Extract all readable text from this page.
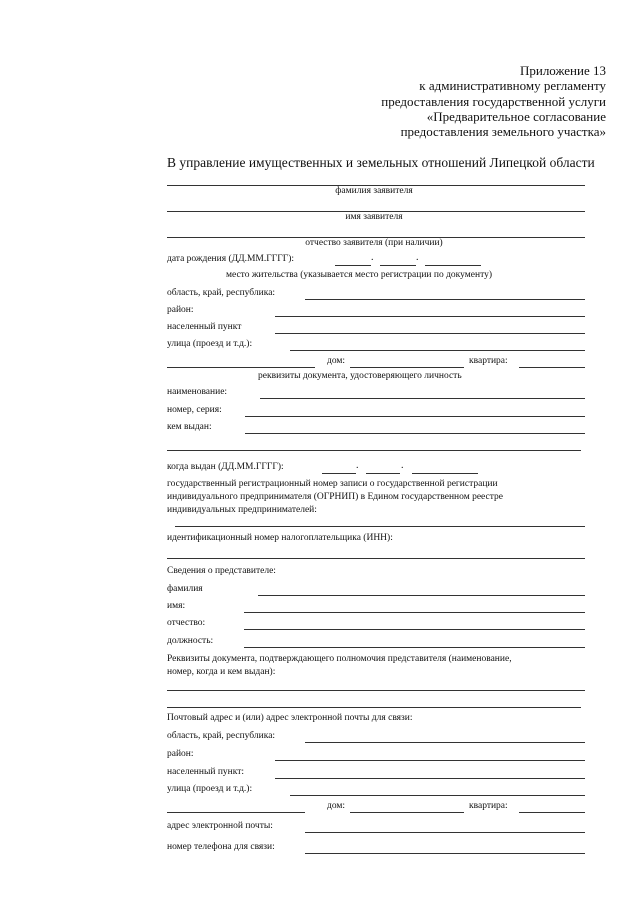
Приложение 13
к административному регламенту
предоставления государственной услуги
«Предварительное согласование
предоставления земельного участка»
В управление имущественных и земельных отношений Липецкой области
фамилия заявителя
имя заявителя
отчество заявителя (при наличии)
дата рождения (ДД.ММ.ГГГГ):	.	.
место жительства (указывается место регистрации по документу)
область, край, республика:
район:
населенный пункт
улица (проезд и т.д.):
дом:	квартира:
реквизиты документа, удостоверяющего личность
наименование:
номер, серия:
кем выдан:
когда выдан (ДД.ММ.ГГГГ):	.	.
государственный регистрационный номер записи о государственной регистрации
индивидуального предпринимателя (ОГРНИП) в Едином государственном реестре
индивидуальных предпринимателей:
идентификационный номер налогоплательщика (ИНН):
Сведения о представителе:
фамилия
имя:
отчество:
должность:
Реквизиты документа, подтверждающего полномочия представителя (наименование,
номер, когда и кем выдан):
Почтовый адрес и (или) адрес электронной почты для связи:
область, край, республика:
район:
населенный пункт:
улица (проезд и т.д.):
дом:	квартира:
адрес электронной почты:
номер телефона для связи:
